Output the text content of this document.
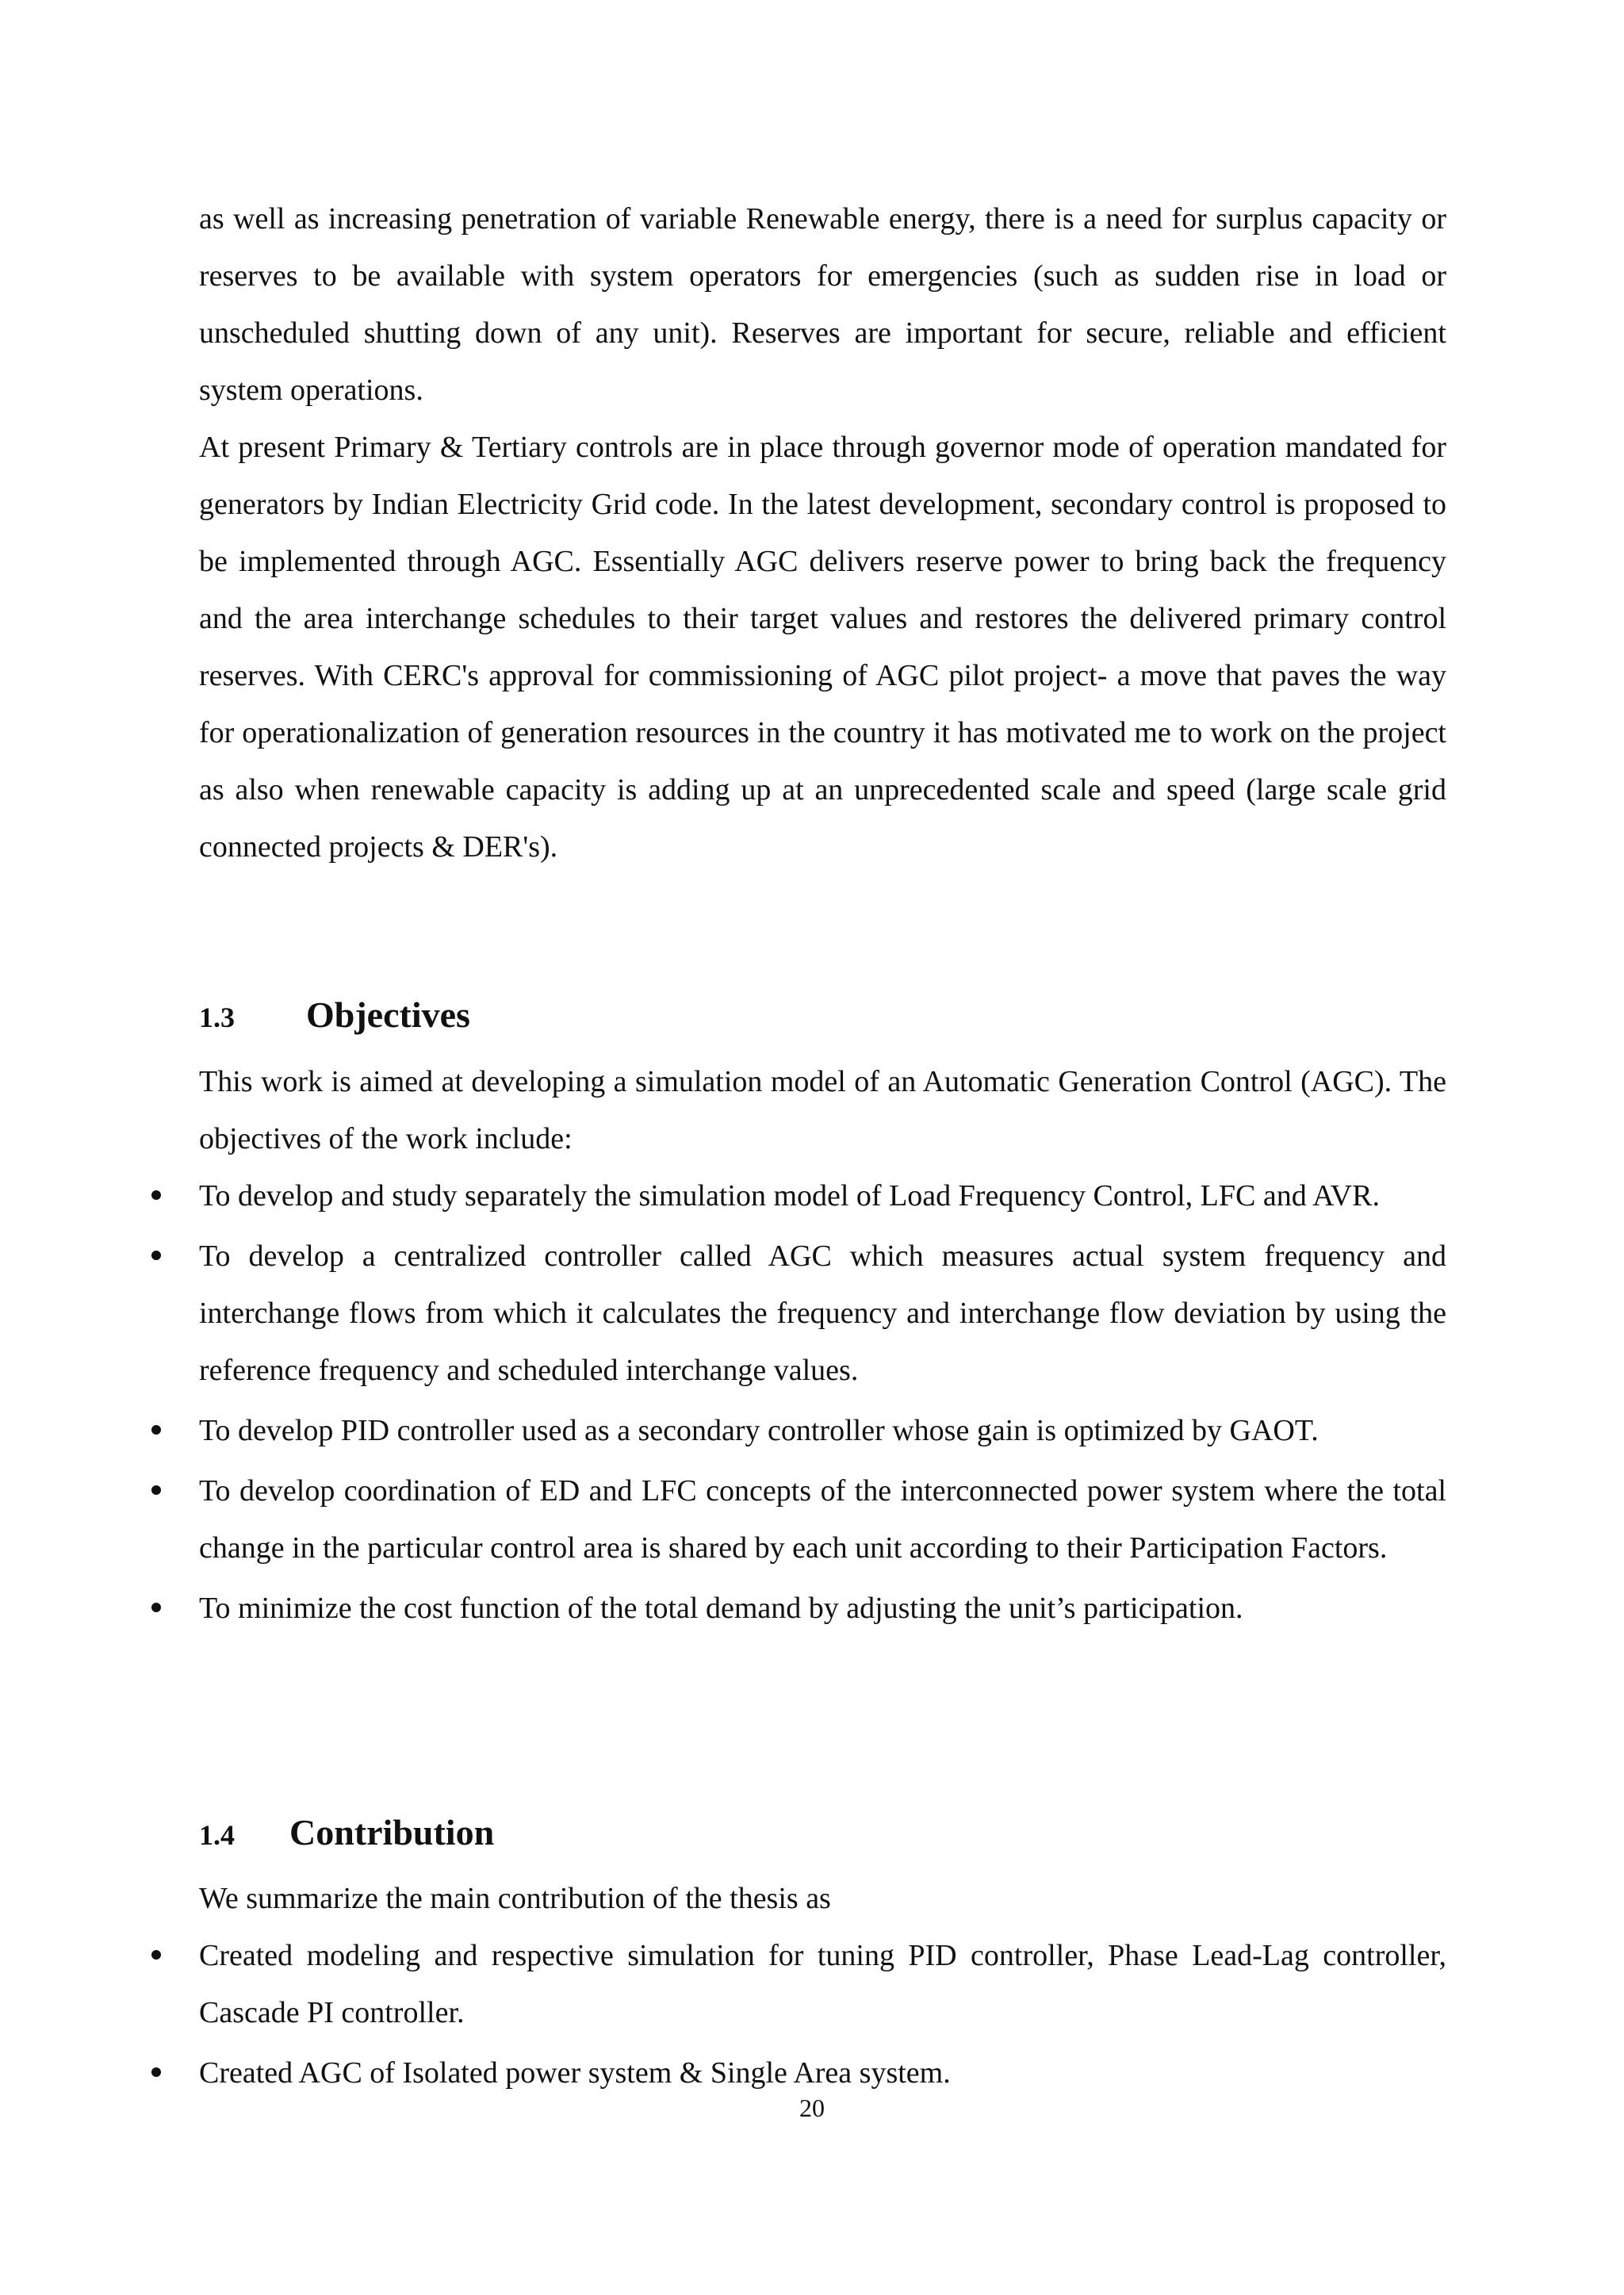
as well as increasing penetration of variable Renewable energy, there is a need for surplus capacity or reserves to be available with system operators for emergencies (such as sudden rise in load or unscheduled shutting down of any unit). Reserves are important for secure, reliable and efficient system operations.

At present Primary & Tertiary controls are in place through governor mode of operation mandated for generators by Indian Electricity Grid code. In the latest development, secondary control is proposed to be implemented through AGC. Essentially AGC delivers reserve power to bring back the frequency and the area interchange schedules to their target values and restores the delivered primary control reserves. With CERC's approval for commissioning of AGC pilot project- a move that paves the way for operationalization of generation resources in the country it has motivated me to work on the project as also when renewable capacity is adding up at an unprecedented scale and speed (large scale grid connected projects & DER's).

1.3 Objectives

This work is aimed at developing a simulation model of an Automatic Generation Control (AGC). The objectives of the work include:

To develop and study separately the simulation model of Load Frequency Control, LFC and AVR.
To develop a centralized controller called AGC which measures actual system frequency and interchange flows from which it calculates the frequency and interchange flow deviation by using the reference frequency and scheduled interchange values.
To develop PID controller used as a secondary controller whose gain is optimized by GAOT.
To develop coordination of ED and LFC concepts of the interconnected power system where the total change in the particular control area is shared by each unit according to their Participation Factors.
To minimize the cost function of the total demand by adjusting the unit’s participation.
1.4 Contribution

We summarize the main contribution of the thesis as

Created modeling and respective simulation for tuning PID controller, Phase Lead-Lag controller, Cascade PI controller.
Created AGC of Isolated power system & Single Area system.
20
